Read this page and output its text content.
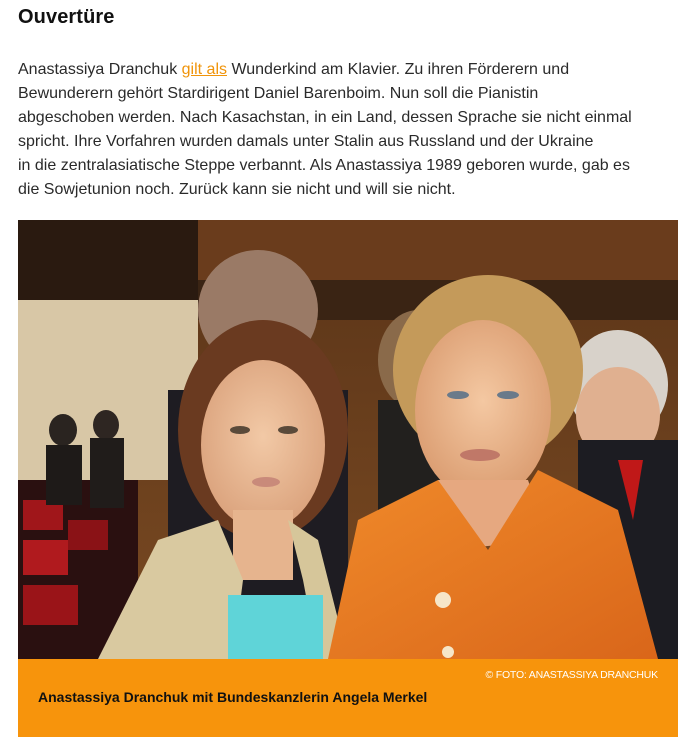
Ouvertüre
Anastassiya Dranchuk gilt als Wunderkind am Klavier. Zu ihren Förderern und
Bewunderern gehört Stardirigent Daniel Barenboim. Nun soll die Pianistin
abgeschoben werden. Nach Kasachstan, in ein Land, dessen Sprache sie nicht einmal
spricht. Ihre Vorfahren wurden damals unter Stalin aus Russland und der Ukraine
in die zentralasiatische Steppe verbannt. Als Anastassiya 1989 geboren wurde, gab es
die Sowjetunion noch. Zurück kann sie nicht und will sie nicht.
© FOTO: ANASTASSIYA DRANCHUK
Anastassiya Dranchuk mit Bundeskanzlerin Angela Merkel
